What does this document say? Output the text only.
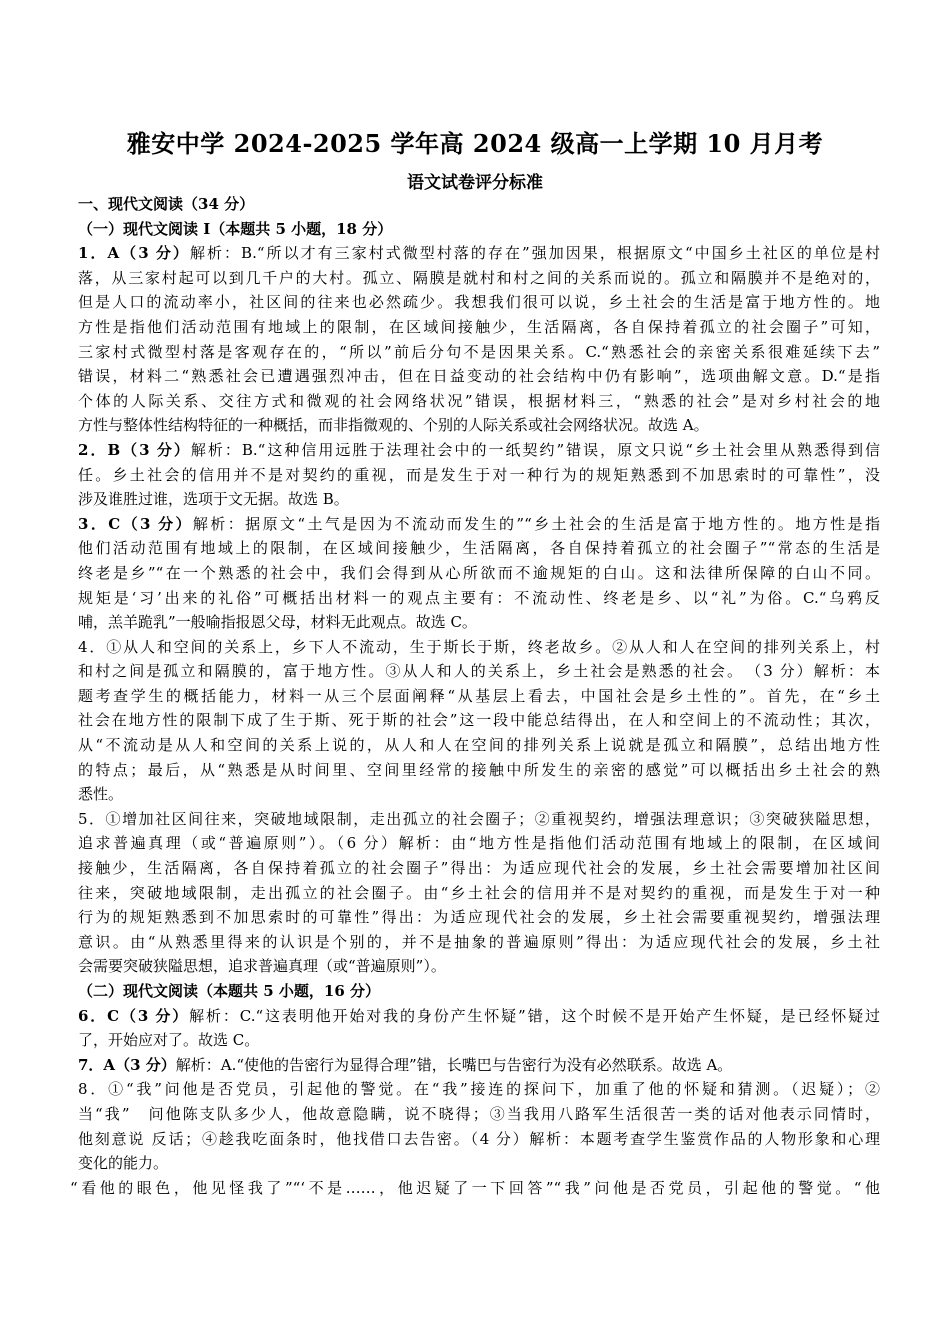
雅安中学 2024-2025 学年高 2024 级高一上学期 10 月月考
语文试卷评分标准
一、现代文阅读（34 分）
（一）现代文阅读 I（本题共 5 小题，18 分）
1．A（3 分）解析：B.“所以才有三家村式微型村落的存在”强加因果，根据原文“中国乡土社区的单位是村
落，从三家村起可以到几千户的大村。孤立、隔膜是就村和村之间的关系而说的。孤立和隔膜并不是绝对的，
但是人口的流动率小，社区间的往来也必然疏少。我想我们很可以说，乡土社会的生活是富于地方性的。地
方性是指他们活动范围有地域上的限制，在区域间接触少，生活隔离，各自保持着孤立的社会圈子”可知，
三家村式微型村落是客观存在的，“所以”前后分句不是因果关系。C.“熟悉社会的亲密关系很难延续下去”
错误，材料二“熟悉社会已遭遇强烈冲击，但在日益变动的社会结构中仍有影响”，选项曲解文意。D.“是指
个体的人际关系、交往方式和微观的社会网络状况”错误，根据材料三，“熟悉的社会”是对乡村社会的地
方性与整体性结构特征的一种概括，而非指微观的、个别的人际关系或社会网络状况。故选 A。
2．B（3 分）解析：B.“这种信用远胜于法理社会中的一纸契约”错误，原文只说“乡土社会里从熟悉得到信
任。乡土社会的信用并不是对契约的重视，而是发生于对一种行为的规矩熟悉到不加思索时的可靠性”，没
涉及谁胜过谁，选项于文无据。故选 B。
3．C（3 分）解析：据原文“土气是因为不流动而发生的”“乡土社会的生活是富于地方性的。地方性是指
他们活动范围有地域上的限制，在区域间接触少，生活隔离，各自保持着孤立的社会圈子”“常态的生活是
终老是乡”“在一个熟悉的社会中，我们会得到从心所欲而不逾规矩的白山。这和法律所保障的白山不同。
规矩是‘习’出来的礼俗”可概括出材料一的观点主要有：不流动性、终老是乡、以“礼”为俗。C.“乌鸦反
哺，羔羊跪乳”一般喻指报恩父母，材料无此观点。故选 C。
4．①从人和空间的关系上，乡下人不流动，生于斯长于斯，终老故乡。②从人和人在空间的排列关系上，村
和村之间是孤立和隔膜的，富于地方性。③从人和人的关系上，乡土社会是熟悉的社会。　（3 分）解析：本
题考查学生的概括能力，材料一从三个层面阐释“从基层上看去，中国社会是乡土性的”。首先，在“乡土
社会在地方性的限制下成了生于斯、死于斯的社会”这一段中能总结得出，在人和空间上的不流动性；其次，
从“不流动是从人和空间的关系上说的，从人和人在空间的排列关系上说就是孤立和隔膜”，总结出地方性
的特点；最后，从“熟悉是从时间里、空间里经常的接触中所发生的亲密的感觉”可以概括出乡土社会的熟
悉性。
5．①增加社区间往来，突破地域限制，走出孤立的社会圈子；②重视契约，增强法理意识；③突破狭隘思想，
追求普遍真理（或“普遍原则”）。（6 分）解析：由“地方性是指他们活动范围有地域上的限制，在区域间
接触少，生活隔离，各自保持着孤立的社会圈子”得出：为适应现代社会的发展，乡土社会需要增加社区间
往来，突破地域限制，走出孤立的社会圈子。由“乡土社会的信用并不是对契约的重视，而是发生于对一种
行为的规矩熟悉到不加思索时的可靠性”得出：为适应现代社会的发展，乡土社会需要重视契约，增强法理
意识。由“从熟悉里得来的认识是个别的，并不是抽象的普遍原则”得出：为适应现代社会的发展，乡土社
会需要突破狭隘思想，追求普遍真理（或“普遍原则”）。
（二）现代文阅读（本题共 5 小题，16 分）
6．C（3 分）解析：C.“这表明他开始对我的身份产生怀疑”错，这个时候不是开始产生怀疑，是已经怀疑过
了，开始应对了。故选 C。
7．A（3 分）解析：A.“使他的告密行为显得合理”错，长嘴巴与告密行为没有必然联系。故选 A。
8．①“我”问他是否党员，引起他的警觉。在“我”接连的探问下，加重了他的怀疑和猜测。（迟疑）；②
当“我”　问他陈支队多少人，他故意隐瞒，说不晓得；③当我用八路军生活很苦一类的话对他表示同情时，
他刻意说 反话；④趁我吃面条时，他找借口去告密。（4 分）解析：本题考查学生鉴赏作品的人物形象和心理
变化的能力。
“看他的眼色，他见怪我了”“‘不是……，他迟疑了一下回答”“我”问他是否党员，引起他的警觉。“他
